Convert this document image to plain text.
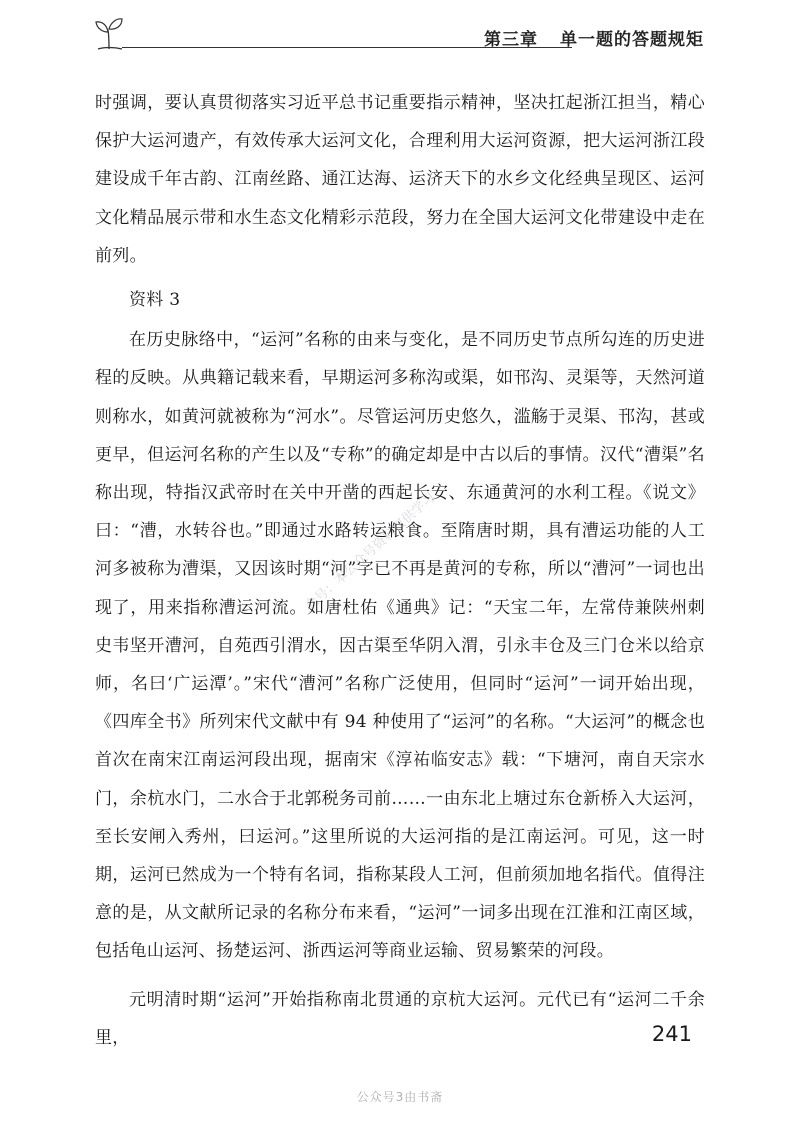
第三章 单一题的答题规矩

时强调，要认真贯彻落实习近平总书记重要指示精神，坚决扛起浙江担当，精心保护大运河遗产，有效传承大运河文化，合理利用大运河资源，把大运河浙江段建设成千年古韵、江南丝路、通江达海、运济天下的水乡文化经典呈现区、运河文化精品展示带和水生态文化精彩示范段，努力在全国大运河文化带建设中走在前列。

资料 3

在历史脉络中，“运河”名称的由来与变化，是不同历史节点所勾连的历史进程的反映。从典籍记载来看，早期运河多称沟或渠，如邗沟、灵渠等，天然河道则称水，如黄河就被称为“河水”。尽管运河历史悠久，滥觞于灵渠、邗沟，甚或更早，但运河名称的产生以及“专称”的确定却是中古以后的事情。汉代“漕渠”名称出现，特指汉武帝时在关中开凿的西起长安、东通黄河的水利工程。《说文》曰：“漕，水转谷也。”即通过水路转运粮食。至隋唐时期，具有漕运功能的人工河多被称为漕渠，又因该时期“河”字已不再是黄河的专称，所以“漕河”一词也出现了，用来指称漕运河流。如唐杜佑《通典》记：“天宝二年，左常侍兼陕州刺史韦坚开漕河，自苑西引渭水，因古渠至华阴入渭，引永丰仓及三门仓米以给京师，名曰‘广运潭’。”宋代“漕河”名称广泛使用，但同时“运河”一词开始出现，《四库全书》所列宋代文献中有 94 种使用了“运河”的名称。“大运河”的概念也首次在南宋江南运河段出现，据南宋《淳祐临安志》载：“下塘河，南自天宗水门，余杭水门，二水合于北郭税务司前……一由东北上塘过东仓新桥入大运河，至长安闸入秀州，曰运河。”这里所说的大运河指的是江南运河。可见，这一时期，运河已然成为一个特有名词，指称某段人工河，但前须加地名指代。值得注意的是，从文献所记录的名称分布来看，“运河”一词多出现在江淮和江南区域，包括龟山运河、扬楚运河、浙西运河等商业运输、贸易繁荣的河段。

元明清时期“运河”开始指称南北贯通的京杭大运河。元代已有“运河二千余里，

众号：本公众号资料仅供学习
241
公众号3由书斋
